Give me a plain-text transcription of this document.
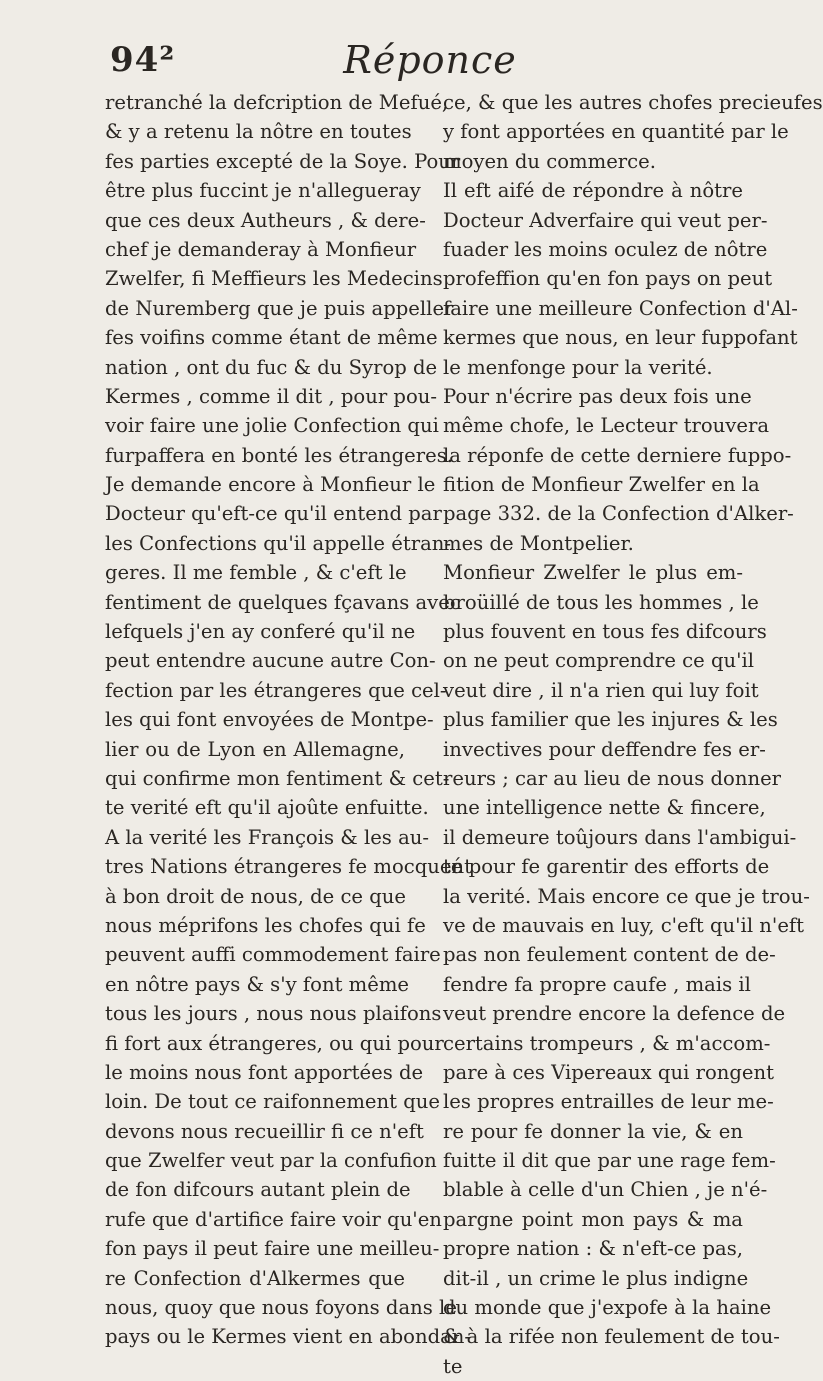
94²	Réponce
retranché la defcription de Mefué,
& y a retenu la nôtre en toutes
fes parties excepté de la Soye. Pour
être plus fuccint je n'allegueray
que ces deux Autheurs , & dere-
chef je demanderay à Monfieur
Zwelfer, fi Meffieurs les Medecins
de Nuremberg que je puis appeller
fes voifins comme étant de même
nation , ont du fuc & du Syrop de
Kermes , comme il dit , pour pou-
voir faire une jolie Confection qui
furpaffera en bonté les étrangeres.
Je demande encore à Monfieur le
Docteur qu'eft-ce qu'il entend par
les Confections qu'il appelle étran-
geres. Il me femble , & c'eft le
fentiment de quelques fçavans avec
lefquels j'en ay conferé qu'il ne
peut entendre aucune autre Con-
fection par les étrangeres que cel-
les qui font envoyées de Montpe-
lier ou de Lyon en Allemagne,
qui confirme mon fentiment & cet-
te verité eft qu'il ajoûte enfuitte.
A la verité les François & les au-
tres Nations étrangeres fe mocquent
à bon droit de nous, de ce que
nous méprifons les chofes qui fe
peuvent auffi commodement faire
en nôtre pays & s'y font même
tous les jours , nous nous plaifons
fi fort aux étrangeres, ou qui pour
le moins nous font apportées de
loin. De tout ce raifonnement que
devons nous recueillir fi ce n'eft
que Zwelfer veut par la confufion
de fon difcours autant plein de
rufe que d'artifice faire voir qu'en
fon pays il peut faire une meilleu-
re Confection d'Alkermes que
nous, quoy que nous foyons dans le
pays ou le Kermes vient en abondan-
ce, & que les autres chofes precieufes
y font apportées en quantité par le
moyen du commerce.
Il eft aifé de répondre à nôtre
Docteur Adverfaire qui veut per-
fuader les moins oculez de nôtre
profeffion qu'en fon pays on peut
faire une meilleure Confection d'Al-
kermes que nous, en leur fuppofant
le menfonge pour la verité.
Pour n'écrire pas deux fois une
même chofe, le Lecteur trouvera
la réponfe de cette derniere fuppo-
fition de Monfieur Zwelfer en la
page 332. de la Confection d'Alker-
mes de Montpelier.
Monfieur Zwelfer le plus em-
broüillé de tous les hommes , le
plus fouvent en tous fes difcours
on ne peut comprendre ce qu'il
veut dire , il n'a rien qui luy foit
plus familier que les injures & les
invectives pour deffendre fes er-
reurs ; car au lieu de nous donner
une intelligence nette & fincere,
il demeure toûjours dans l'ambigui-
té pour fe garentir des efforts de
la verité. Mais encore ce que je trou-
ve de mauvais en luy, c'eft qu'il n'eft
pas non feulement content de de-
fendre fa propre caufe , mais il
veut prendre encore la defence de
certains trompeurs , & m'accom-
pare à ces Vipereaux qui rongent
les propres entrailles de leur me-
re pour fe donner la vie, & en
fuitte il dit que par une rage fem-
blable à celle d'un Chien , je n'é-
pargne point mon pays & ma
propre nation : & n'eft-ce pas,
dit-il , un crime le plus indigne
du monde que j'expofe à la haine
& à la rifée non feulement de tou-
te
